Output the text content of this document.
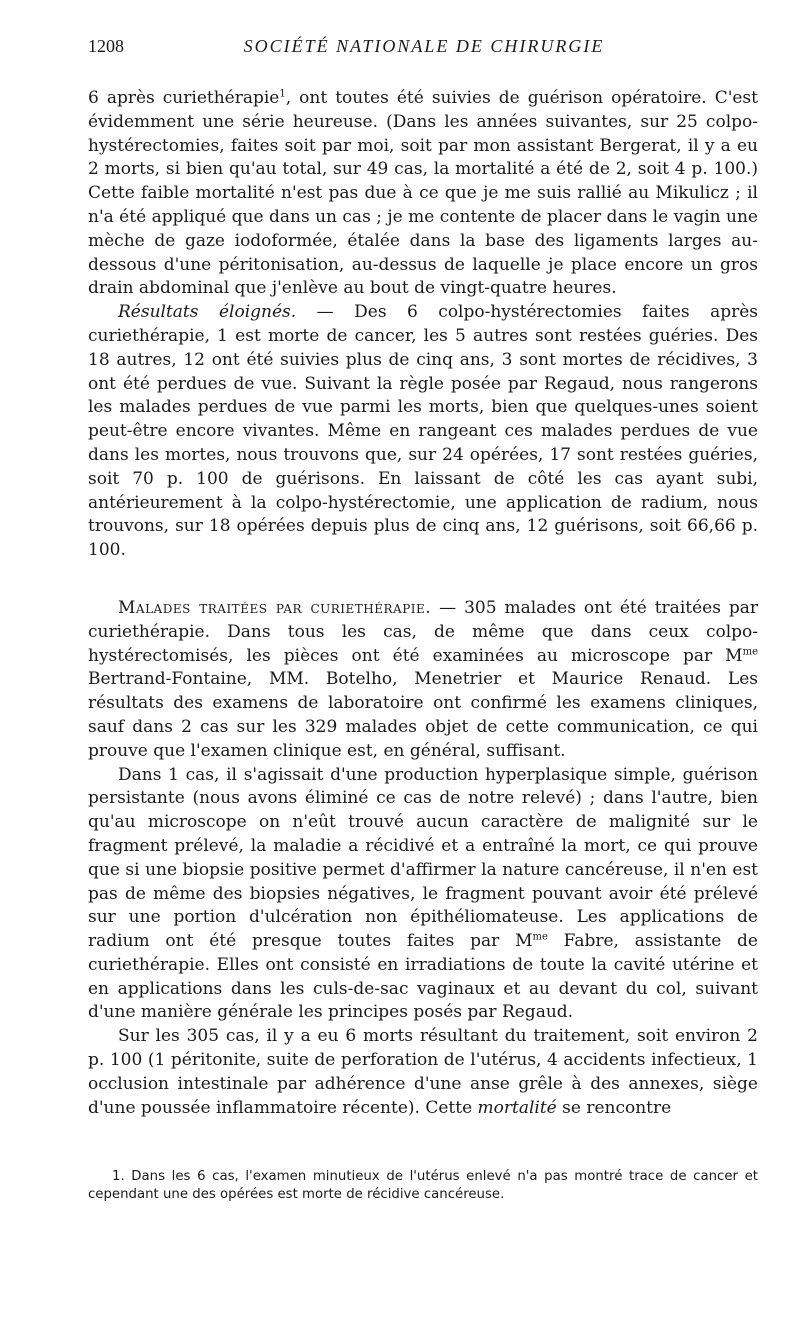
1208	SOCIÉTÉ NATIONALE DE CHIRURGIE

6 après curiethérapie$^1$, ont toutes été suivies de guérison opératoire. C'est évidemment une série heureuse. (Dans les années suivantes, sur 25 colpo-hystérectomies, faites soit par moi, soit par mon assistant Bergerat, il y a eu 2 morts, si bien qu'au total, sur 49 cas, la mortalité a été de 2, soit 4 p. 100.) Cette faible mortalité n'est pas due à ce que je me suis rallié au Mikulicz ; il n'a été appliqué que dans un cas ; je me contente de placer dans le vagin une mèche de gaze iodoformée, étalée dans la base des ligaments larges au-dessous d'une péritonisation, au-dessus de laquelle je place encore un gros drain abdominal que j'enlève au bout de vingt-quatre heures.

Résultats éloignés. — Des 6 colpo-hystérectomies faites après curiethérapie, 1 est morte de cancer, les 5 autres sont restées guéries. Des 18 autres, 12 ont été suivies plus de cinq ans, 3 sont mortes de récidives, 3 ont été perdues de vue. Suivant la règle posée par Regaud, nous rangerons les malades perdues de vue parmi les morts, bien que quelques-unes soient peut-être encore vivantes. Même en rangeant ces malades perdues de vue dans les mortes, nous trouvons que, sur 24 opérées, 17 sont restées guéries, soit 70 p. 100 de guérisons. En laissant de côté les cas ayant subi, antérieurement à la colpo-hystérectomie, une application de radium, nous trouvons, sur 18 opérées depuis plus de cinq ans, 12 guérisons, soit 66,66 p. 100.

Malades traitées par curiethérapie. — 305 malades ont été traitées par curiethérapie. Dans tous les cas, de même que dans ceux colpo-hystérectomisés, les pièces ont été examinées au microscope par $M^{me}$ Bertrand-Fontaine, MM. Botelho, Menetrier et Maurice Renaud. Les résultats des examens de laboratoire ont confirmé les examens cliniques, sauf dans 2 cas sur les 329 malades objet de cette communication, ce qui prouve que l'examen clinique est, en général, suffisant.

Dans 1 cas, il s'agissait d'une production hyperplasique simple, guérison persistante (nous avons éliminé ce cas de notre relevé) ; dans l'autre, bien qu'au microscope on n'eût trouvé aucun caractère de malignité sur le fragment prélevé, la maladie a récidivé et a entraîné la mort, ce qui prouve que si une biopsie positive permet d'affirmer la nature cancéreuse, il n'en est pas de même des biopsies négatives, le fragment pouvant avoir été prélevé sur une portion d'ulcération non épithéliomateuse. Les applications de radium ont été presque toutes faites par $M^{me}$ Fabre, assistante de curiethérapie. Elles ont consisté en irradiations de toute la cavité utérine et en applications dans les culs-de-sac vaginaux et au devant du col, suivant d'une manière générale les principes posés par Regaud.

Sur les 305 cas, il y a eu 6 morts résultant du traitement, soit environ 2 p. 100 (1 péritonite, suite de perforation de l'utérus, 4 accidents infectieux, 1 occlusion intestinale par adhérence d'une anse grêle à des annexes, siège d'une poussée inflammatoire récente). Cette mortalité se rencontre

1. Dans les 6 cas, l'examen minutieux de l'utérus enlevé n'a pas montré trace de cancer et cependant une des opérées est morte de récidive cancéreuse.
